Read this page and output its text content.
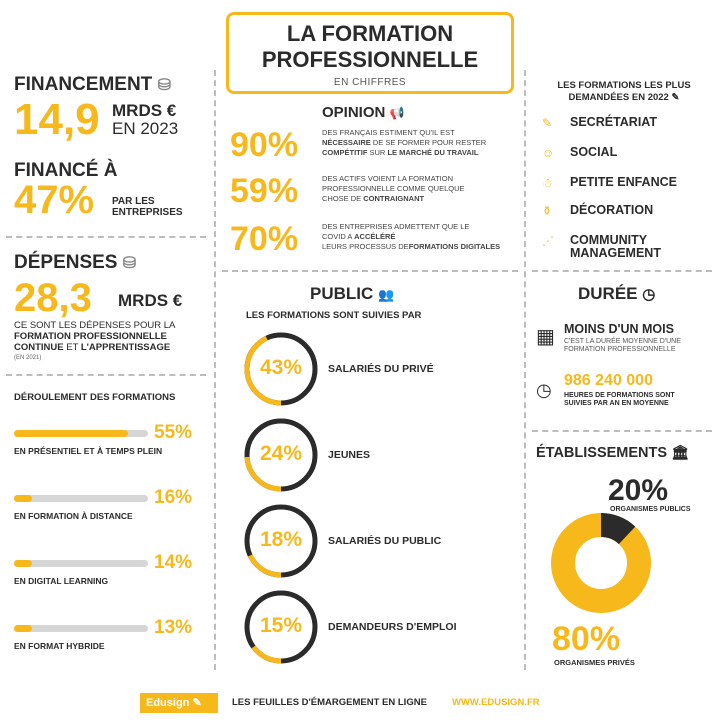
LA FORMATION
PROFESSIONNELLE
EN CHIFFRES
FINANCEMENT ⛁
14,9 MRDS €
EN 2023
FINANCÉ À
47% PAR LES
ENTREPRISES
DÉPENSES ⛁
28,3 MRDS €
CE SONT LES DÉPENSES POUR LA
FORMATION PROFESSIONNELLE
CONTINUE ET L'APPRENTISSAGE
(EN 2021)
DÉROULEMENT DES FORMATIONS
55%
EN PRÉSENTIEL ET À TEMPS PLEIN
16%
EN FORMATION À DISTANCE
14%
EN DIGITAL LEARNING
13%
EN FORMAT HYBRIDE
OPINION 📢
90%	DES FRANÇAIS ESTIMENT QU'IL EST
NÉCESSAIRE DE SE FORMER POUR RESTER
COMPÉTITIF SUR LE MARCHÉ DU TRAVAIL
59%	DES ACTIFS VOIENT LA FORMATION
PROFESSIONNELLE COMME QUELQUE
CHOSE DE CONTRAIGNANT
70%	DES ENTREPRISES ADMETTENT QUE LE
COVID A ACCÉLÉRÉ
LEURS PROCESSUS DEFORMATIONS DIGITALES
PUBLIC 👥
LES FORMATIONS SONT SUIVIES PAR
43%	SALARIÉS DU PRIVÉ
24%	JEUNES
18%	SALARIÉS DU PUBLIC
15%	DEMANDEURS D'EMPLOI
LES FORMATIONS LES PLUS
DEMANDÉES EN 2022 ✎
✎ SECRÉTARIAT
☺ SOCIAL
☃ PETITE ENFANCE
⚱ DÉCORATION
⋰ COMMUNITY
MANAGEMENT
DURÉE ◷
▦ MOINS D'UN MOIS
C'EST LA DURÉE MOYENNE D'UNE
FORMATION PROFESSIONNELLE
◷ 986 240 000
HEURES DE FORMATIONS SONT
SUIVIES PAR AN EN MOYENNE
ÉTABLISSEMENTS 🏛
20%
ORGANISMES PUBLICS
80%
ORGANISMES PRIVÉS
Edusign ✎	LES FEUILLES D'ÉMARGEMENT EN LIGNE	WWW.EDUSIGN.FR
